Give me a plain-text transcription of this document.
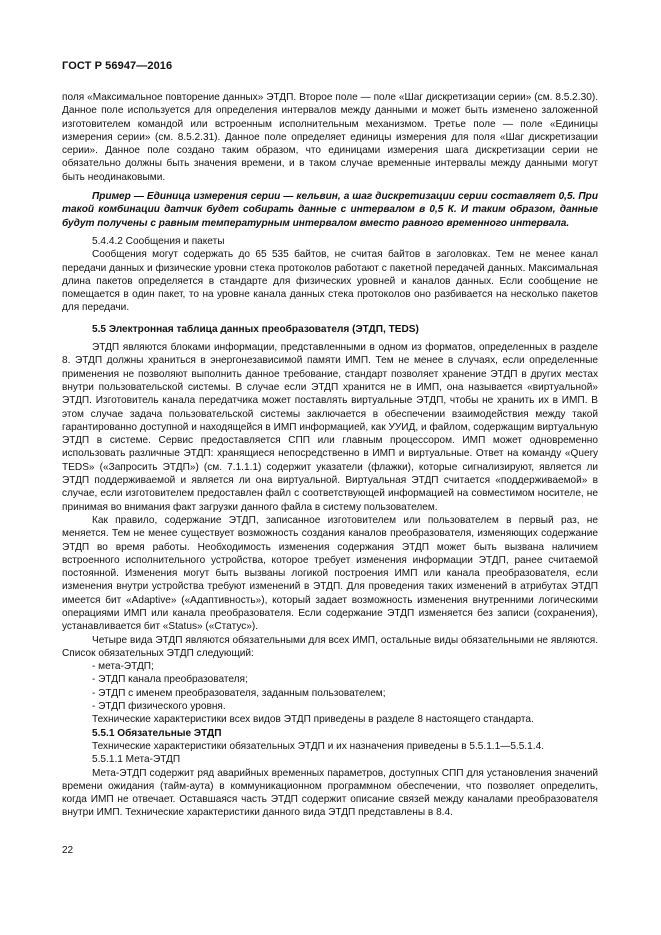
ГОСТ Р 56947—2016

поля «Максимальное повторение данных» ЭТДП. Второе поле — поле «Шаг дискретизации серии» (см. 8.5.2.30). Данное поле используется для определения интервалов между данными и может быть изменено заложенной изготовителем командой или встроенным исполнительным механизмом. Третье поле — поле «Единицы измерения серии» (см. 8.5.2.31). Данное поле определяет единицы измерения для поля «Шаг дискретизации серии». Данное поле создано таким образом, что единицами измерения шага дискретизации серии не обязательно должны быть значения времени, и в таком случае временные интервалы между данными могут быть неодинаковыми.

Пример — Единица измерения серии — кельвин, а шаг дискретизации серии составляет 0,5. При такой комбинации датчик будет собирать данные с интервалом в 0,5 К. И таким образом, данные будут получены с равным температурным интервалом вместо равного временного интервала.

5.4.4.2 Сообщения и пакеты

Сообщения могут содержать до 65 535 байтов, не считая байтов в заголовках. Тем не менее канал передачи данных и физические уровни стека протоколов работают с пакетной передачей данных. Максимальная длина пакетов определяется в стандарте для физических уровней и каналов данных. Если сообщение не помещается в один пакет, то на уровне канала данных стека протоколов оно разбивается на несколько пакетов для передачи.

5.5 Электронная таблица данных преобразователя (ЭТДП, TEDS)

ЭТДП являются блоками информации, представленными в одном из форматов, определенных в разделе 8. ЭТДП должны храниться в энергонезависимой памяти ИМП. Тем не менее в случаях, если определенные применения не позволяют выполнить данное требование, стандарт позволяет хранение ЭТДП в других местах внутри пользовательской системы. В случае если ЭТДП хранится не в ИМП, она называется «виртуальной» ЭТДП. Изготовитель канала передатчика может поставлять виртуальные ЭТДП, чтобы не хранить их в ИМП. В этом случае задача пользовательской системы заключается в обеспечении взаимодействия между такой гарантированно доступной и находящейся в ИМП информацией, как УУИД, и файлом, содержащим виртуальную ЭТДП в системе. Сервис предоставляется СПП или главным процессором. ИМП может одновременно использовать различные ЭТДП: хранящиеся непосредственно в ИМП и виртуальные. Ответ на команду «Query TEDS» («Запросить ЭТДП») (см. 7.1.1.1) содержит указатели (флажки), которые сигнализируют, является ли ЭТДП поддерживаемой и является ли она виртуальной. Виртуальная ЭТДП считается «поддерживаемой» в случае, если изготовителем предоставлен файл с соответствующей информацией на совместимом носителе, не принимая во внимания факт загрузки данного файла в систему пользователем.

Как правило, содержание ЭТДП, записанное изготовителем или пользователем в первый раз, не меняется. Тем не менее существует возможность создания каналов преобразователя, изменяющих содержание ЭТДП во время работы. Необходимость изменения содержания ЭТДП может быть вызвана наличием встроенного исполнительного устройства, которое требует изменения информации ЭТДП, ранее считаемой постоянной. Изменения могут быть вызваны логикой построения ИМП или канала преобразователя, если изменения внутри устройства требуют изменений в ЭТДП. Для проведения таких изменений в атрибутах ЭТДП имеется бит «Adaptive» («Адаптивность»), который задает возможность изменения внутренними логическими операциями ИМП или канала преобразователя. Если содержание ЭТДП изменяется без записи (сохранения), устанавливается бит «Status» («Статус»).

Четыре вида ЭТДП являются обязательными для всех ИМП, остальные виды обязательными не являются. Список обязательных ЭТДП следующий:

- мета-ЭТДП;
- ЭТДП канала преобразователя;
- ЭТДП с именем преобразователя, заданным пользователем;
- ЭТДП физического уровня.

Технические характеристики всех видов ЭТДП приведены в разделе 8 настоящего стандарта.

5.5.1 Обязательные ЭТДП

Технические характеристики обязательных ЭТДП и их назначения приведены в 5.5.1.1—5.5.1.4.

5.5.1.1 Мета-ЭТДП

Мета-ЭТДП содержит ряд аварийных временных параметров, доступных СПП для установления значений времени ожидания (тайм-аута) в коммуникационном программном обеспечении, что позволяет определить, когда ИМП не отвечает. Оставшаяся часть ЭТДП содержит описание связей между каналами преобразователя внутри ИМП. Технические характеристики данного вида ЭТДП представлены в 8.4.

22
